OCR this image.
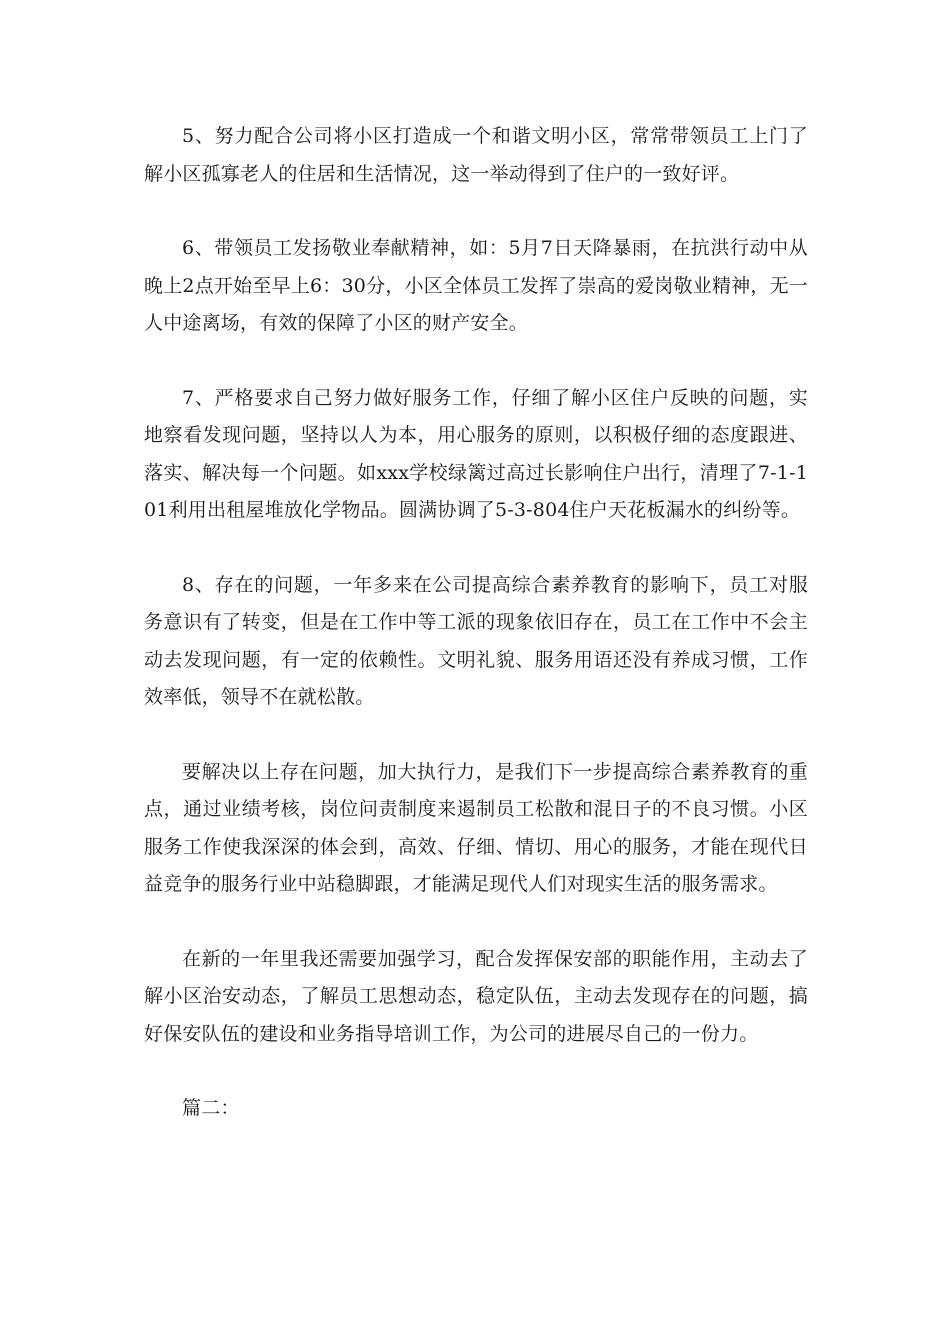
5、努力配合公司将小区打造成一个和谐文明小区，常常带领员工上门了解小区孤寡老人的住居和生活情况，这一举动得到了住户的一致好评。

6、带领员工发扬敬业奉献精神，如：5月7日天降暴雨，在抗洪行动中从晚上2点开始至早上6：30分，小区全体员工发挥了崇高的爱岗敬业精神，无一人中途离场，有效的保障了小区的财产安全。

7、严格要求自己努力做好服务工作，仔细了解小区住户反映的问题，实地察看发现问题，坚持以人为本，用心服务的原则，以积极仔细的态度跟进、落实、解决每一个问题。如xxx学校绿篱过高过长影响住户出行，清理了7-1-101利用出租屋堆放化学物品。圆满协调了5-3-804住户天花板漏水的纠纷等。

8、存在的问题，一年多来在公司提高综合素养教育的影响下，员工对服务意识有了转变，但是在工作中等工派的现象依旧存在，员工在工作中不会主动去发现问题，有一定的依赖性。文明礼貌、服务用语还没有养成习惯，工作效率低，领导不在就松散。

要解决以上存在问题，加大执行力，是我们下一步提高综合素养教育的重点，通过业绩考核，岗位问责制度来遏制员工松散和混日子的不良习惯。小区服务工作使我深深的体会到，高效、仔细、情切、用心的服务，才能在现代日益竞争的服务行业中站稳脚跟，才能满足现代人们对现实生活的服务需求。

在新的一年里我还需要加强学习，配合发挥保安部的职能作用，主动去了解小区治安动态，了解员工思想动态，稳定队伍，主动去发现存在的问题，搞好保安队伍的建设和业务指导培训工作，为公司的进展尽自己的一份力。

篇二：
